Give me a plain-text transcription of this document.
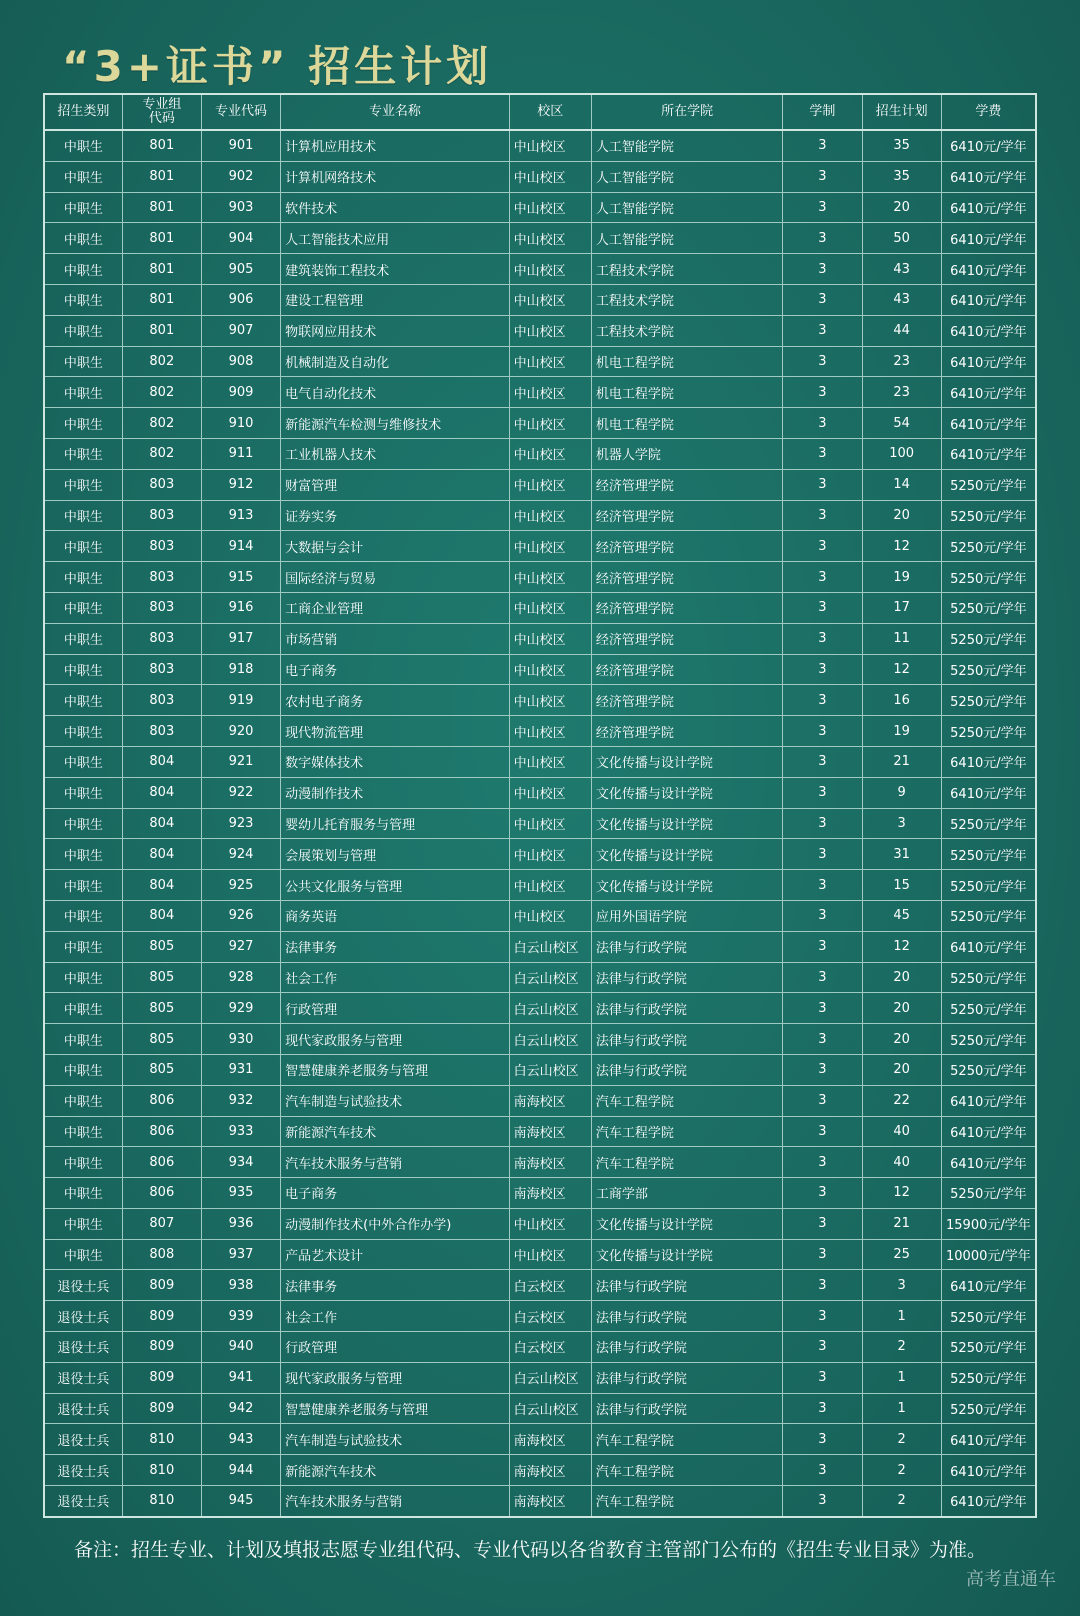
“3+证书” 招生计划
招生类别	专业组代码	专业代码	专业名称	校区	所在学院	学制	招生计划	学费
中职生	801	901	计算机应用技术	中山校区	人工智能学院	3	35	6410元/学年
中职生	801	902	计算机网络技术	中山校区	人工智能学院	3	35	6410元/学年
中职生	801	903	软件技术	中山校区	人工智能学院	3	20	6410元/学年
中职生	801	904	人工智能技术应用	中山校区	人工智能学院	3	50	6410元/学年
中职生	801	905	建筑装饰工程技术	中山校区	工程技术学院	3	43	6410元/学年
中职生	801	906	建设工程管理	中山校区	工程技术学院	3	43	6410元/学年
中职生	801	907	物联网应用技术	中山校区	工程技术学院	3	44	6410元/学年
中职生	802	908	机械制造及自动化	中山校区	机电工程学院	3	23	6410元/学年
中职生	802	909	电气自动化技术	中山校区	机电工程学院	3	23	6410元/学年
中职生	802	910	新能源汽车检测与维修技术	中山校区	机电工程学院	3	54	6410元/学年
中职生	802	911	工业机器人技术	中山校区	机器人学院	3	100	6410元/学年
中职生	803	912	财富管理	中山校区	经济管理学院	3	14	5250元/学年
中职生	803	913	证券实务	中山校区	经济管理学院	3	20	5250元/学年
中职生	803	914	大数据与会计	中山校区	经济管理学院	3	12	5250元/学年
中职生	803	915	国际经济与贸易	中山校区	经济管理学院	3	19	5250元/学年
中职生	803	916	工商企业管理	中山校区	经济管理学院	3	17	5250元/学年
中职生	803	917	市场营销	中山校区	经济管理学院	3	11	5250元/学年
中职生	803	918	电子商务	中山校区	经济管理学院	3	12	5250元/学年
中职生	803	919	农村电子商务	中山校区	经济管理学院	3	16	5250元/学年
中职生	803	920	现代物流管理	中山校区	经济管理学院	3	19	5250元/学年
中职生	804	921	数字媒体技术	中山校区	文化传播与设计学院	3	21	6410元/学年
中职生	804	922	动漫制作技术	中山校区	文化传播与设计学院	3	9	6410元/学年
中职生	804	923	婴幼儿托育服务与管理	中山校区	文化传播与设计学院	3	3	5250元/学年
中职生	804	924	会展策划与管理	中山校区	文化传播与设计学院	3	31	5250元/学年
中职生	804	925	公共文化服务与管理	中山校区	文化传播与设计学院	3	15	5250元/学年
中职生	804	926	商务英语	中山校区	应用外国语学院	3	45	5250元/学年
中职生	805	927	法律事务	白云山校区	法律与行政学院	3	12	6410元/学年
中职生	805	928	社会工作	白云山校区	法律与行政学院	3	20	5250元/学年
中职生	805	929	行政管理	白云山校区	法律与行政学院	3	20	5250元/学年
中职生	805	930	现代家政服务与管理	白云山校区	法律与行政学院	3	20	5250元/学年
中职生	805	931	智慧健康养老服务与管理	白云山校区	法律与行政学院	3	20	5250元/学年
中职生	806	932	汽车制造与试验技术	南海校区	汽车工程学院	3	22	6410元/学年
中职生	806	933	新能源汽车技术	南海校区	汽车工程学院	3	40	6410元/学年
中职生	806	934	汽车技术服务与营销	南海校区	汽车工程学院	3	40	6410元/学年
中职生	806	935	电子商务	南海校区	工商学部	3	12	5250元/学年
中职生	807	936	动漫制作技术(中外合作办学)	中山校区	文化传播与设计学院	3	21	15900元/学年
中职生	808	937	产品艺术设计	中山校区	文化传播与设计学院	3	25	10000元/学年
退役士兵	809	938	法律事务	白云校区	法律与行政学院	3	3	6410元/学年
退役士兵	809	939	社会工作	白云校区	法律与行政学院	3	1	5250元/学年
退役士兵	809	940	行政管理	白云校区	法律与行政学院	3	2	5250元/学年
退役士兵	809	941	现代家政服务与管理	白云山校区	法律与行政学院	3	1	5250元/学年
退役士兵	809	942	智慧健康养老服务与管理	白云山校区	法律与行政学院	3	1	5250元/学年
退役士兵	810	943	汽车制造与试验技术	南海校区	汽车工程学院	3	2	6410元/学年
退役士兵	810	944	新能源汽车技术	南海校区	汽车工程学院	3	2	6410元/学年
退役士兵	810	945	汽车技术服务与营销	南海校区	汽车工程学院	3	2	6410元/学年
备注：招生专业、计划及填报志愿专业组代码、专业代码以各省教育主管部门公布的《招生专业目录》为准。
高考直通车
